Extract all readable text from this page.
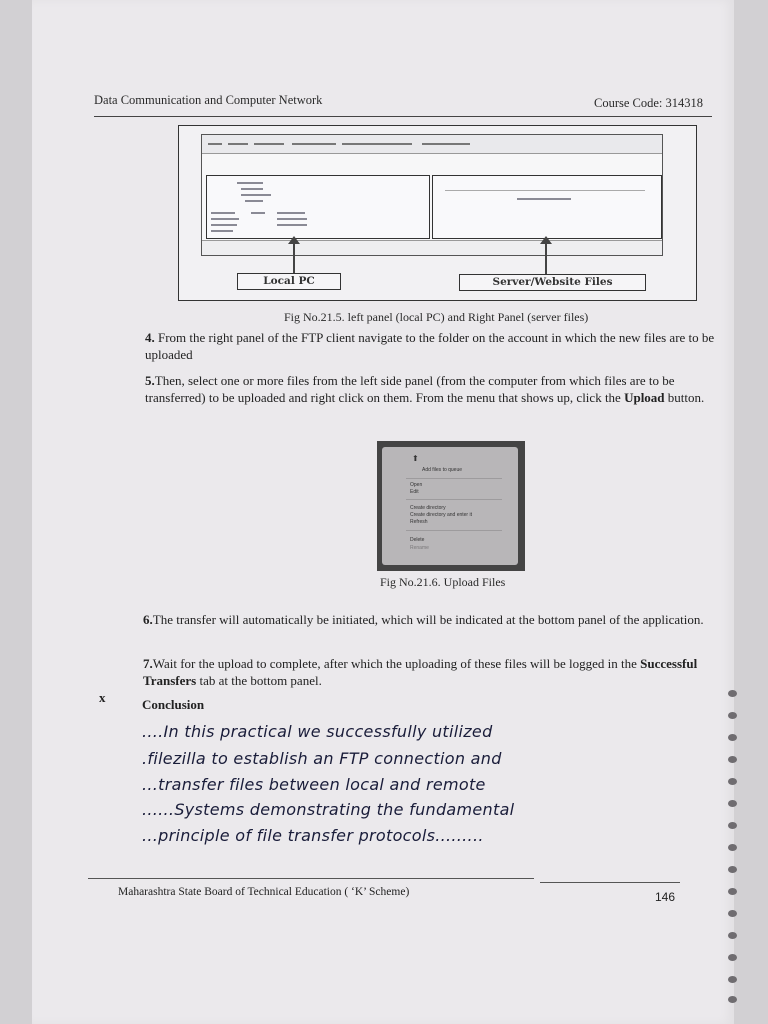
Data Communication and Computer Network	Course Code: 314318
Local PC	Server/Website Files
Fig No.21.5. left panel (local PC) and Right Panel (server files)
4. From the right panel of the FTP client navigate to the folder on the account in which the new files are to be uploaded
5.Then, select one or more files from the left side panel (from the computer from which files are to be transferred) to be uploaded and right click on them. From the menu that shows up, click the Upload button.
⬆
Add files to queue
Open
Edit
Create directory
Create directory and enter it
Refresh
Delete
Rename
Fig No.21.6. Upload Files
6.The transfer will automatically be initiated, which will be indicated at the bottom panel of the application.
7.Wait for the upload to complete, after which the uploading of these files will be logged in the Successful Transfers tab at the bottom panel.
x	Conclusion
....In this practical we successfully utilized
.filezilla to establish an FTP connection and
...transfer files between local and remote
......Systems demonstrating the fundamental
...principle of file transfer protocols.........
Maharashtra State Board of Technical Education ( ‘K’ Scheme)	146
